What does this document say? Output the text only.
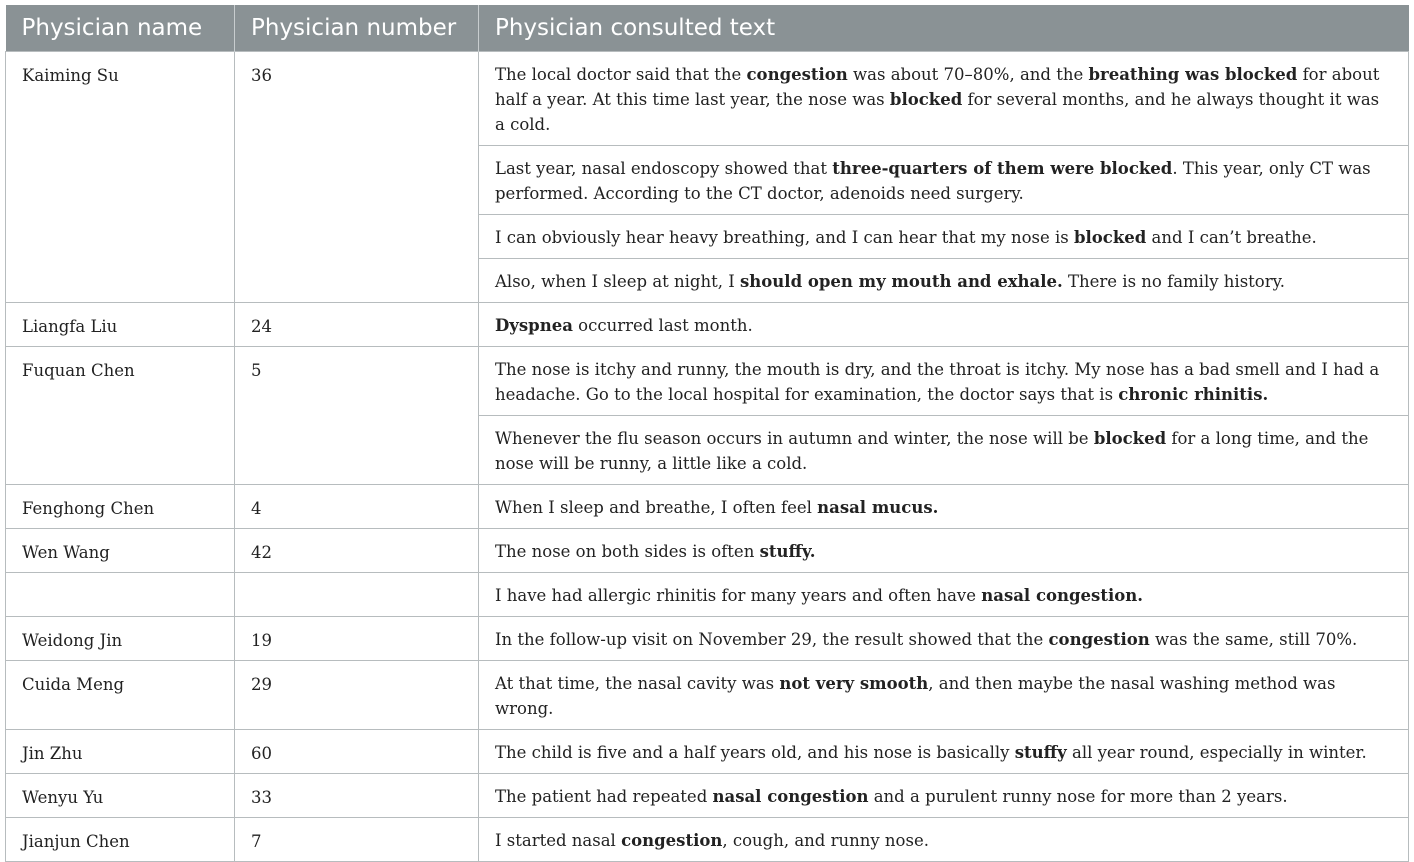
Physician name	Physician number	Physician consulted text
Kaiming Su	36	The local doctor said that the congestion was about 70–80%, and the breathing was blocked for about half a year. At this time last year, the nose was blocked for several months, and he always thought it was a cold.
		Last year, nasal endoscopy showed that three-quarters of them were blocked. This year, only CT was performed. According to the CT doctor, adenoids need surgery.
		I can obviously hear heavy breathing, and I can hear that my nose is blocked and I can’t breathe.
		Also, when I sleep at night, I should open my mouth and exhale. There is no family history.
Liangfa Liu	24	Dyspnea occurred last month.
Fuquan Chen	5	The nose is itchy and runny, the mouth is dry, and the throat is itchy. My nose has a bad smell and I had a headache. Go to the local hospital for examination, the doctor says that is chronic rhinitis.
		Whenever the flu season occurs in autumn and winter, the nose will be blocked for a long time, and the nose will be runny, a little like a cold.
Fenghong Chen	4	When I sleep and breathe, I often feel nasal mucus.
Wen Wang	42	The nose on both sides is often stuffy.
		I have had allergic rhinitis for many years and often have nasal congestion.
Weidong Jin	19	In the follow-up visit on November 29, the result showed that the congestion was the same, still 70%.
Cuida Meng	29	At that time, the nasal cavity was not very smooth, and then maybe the nasal washing method was wrong.
Jin Zhu	60	The child is five and a half years old, and his nose is basically stuffy all year round, especially in winter.
Wenyu Yu	33	The patient had repeated nasal congestion and a purulent runny nose for more than 2 years.
Jianjun Chen	7	I started nasal congestion, cough, and runny nose.
